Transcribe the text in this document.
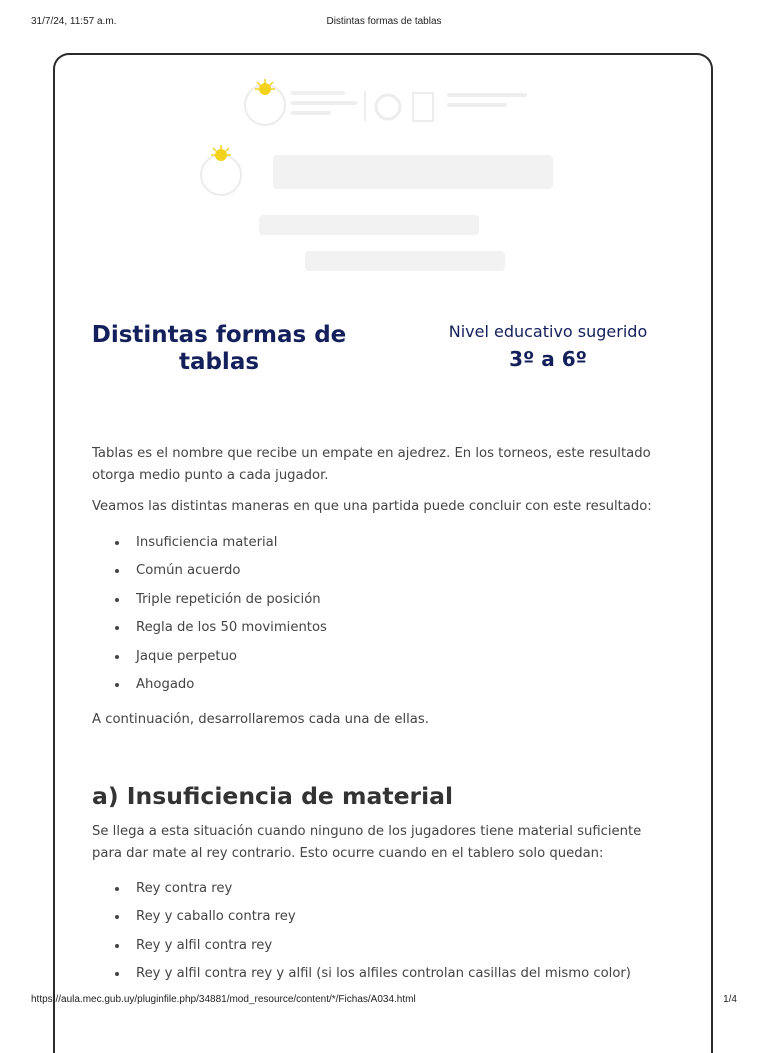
31/7/24, 11:57 a.m.	Distintas formas de tablas
Distintas formas de tablas
Nivel educativo sugerido
3º a 6º

Tablas es el nombre que recibe un empate en ajedrez. En los torneos, este resultado otorga medio punto a cada jugador.

Veamos las distintas maneras en que una partida puede concluir con este resultado:

Insuficiencia material
Común acuerdo
Triple repetición de posición
Regla de los 50 movimientos
Jaque perpetuo
Ahogado

A continuación, desarrollaremos cada una de ellas.

a) Insuficiencia de material

Se llega a esta situación cuando ninguno de los jugadores tiene material suficiente para dar mate al rey contrario. Esto ocurre cuando en el tablero solo quedan:

Rey contra rey
Rey y caballo contra rey
Rey y alfil contra rey
Rey y alfil contra rey y alfil (si los alfiles controlan casillas del mismo color)
https://aula.mec.gub.uy/pluginfile.php/34881/mod_resource/content/*/Fichas/A034.html	1/4
